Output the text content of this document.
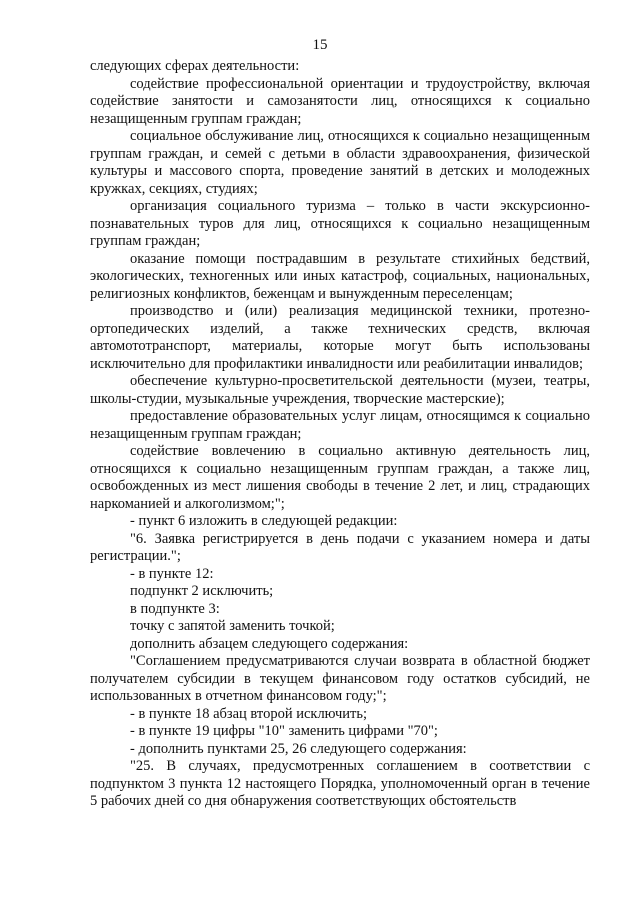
15

следующих сферах деятельности:

содействие профессиональной ориентации и трудоустройству, включая содействие занятости и самозанятости лиц, относящихся к социально незащищенным группам граждан;

социальное обслуживание лиц, относящихся к социально незащищенным группам граждан, и семей с детьми в области здравоохранения, физической культуры и массового спорта, проведение занятий в детских и молодежных кружках, секциях, студиях;

организация социального туризма – только в части экскурсионно-познавательных туров для лиц, относящихся к социально незащищенным группам граждан;

оказание помощи пострадавшим в результате стихийных бедствий, экологических, техногенных или иных катастроф, социальных, национальных, религиозных конфликтов, беженцам и вынужденным переселенцам;

производство и (или) реализация медицинской техники, протезно-ортопедических изделий, а также технических средств, включая автомототранспорт, материалы, которые могут быть использованы исключительно для профилактики инвалидности или реабилитации инвалидов;

обеспечение культурно-просветительской деятельности (музеи, театры, школы-студии, музыкальные учреждения, творческие мастерские);

предоставление образовательных услуг лицам, относящимся к социально незащищенным группам граждан;

содействие вовлечению в социально активную деятельность лиц, относящихся к социально незащищенным группам граждан, а также лиц, освобожденных из мест лишения свободы в течение 2 лет, и лиц, страдающих наркоманией и алкоголизмом;";

- пункт 6 изложить в следующей редакции:

"6. Заявка регистрируется в день подачи с указанием номера и даты регистрации.";

- в пункте 12:

подпункт 2 исключить;

в подпункте 3:

точку с запятой заменить точкой;

дополнить абзацем следующего содержания:

"Соглашением предусматриваются случаи возврата в областной бюджет получателем субсидии в текущем финансовом году остатков субсидий, не использованных в отчетном финансовом году;";

- в пункте 18 абзац второй исключить;

- в пункте 19 цифры "10" заменить цифрами "70";

- дополнить пунктами 25, 26 следующего содержания:

"25. В случаях, предусмотренных соглашением в соответствии с подпунктом 3 пункта 12 настоящего Порядка, уполномоченный орган в течение 5 рабочих дней со дня обнаружения соответствующих обстоятельств
